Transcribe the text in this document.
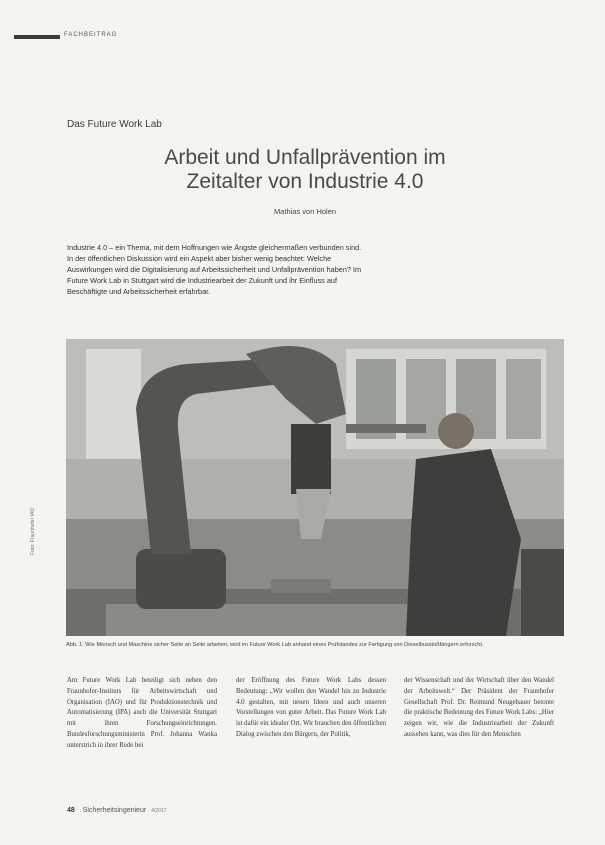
FACHBEITRAG
Das Future Work Lab
Arbeit und Unfallprävention im
Zeitalter von Industrie 4.0
Mathias von Holen
Industrie 4.0 – ein Thema, mit dem Hoffnungen wie Ängste gleichermaßen verbunden sind. In der öffentlichen Diskussion wird ein Aspekt aber bisher wenig beachtet: Welche Auswirkungen wird die Digitalisierung auf Arbeitssicherheit und Unfallprävention haben? Im Future Work Lab in Stuttgart wird die Industriearbeit der Zukunft und ihr Einfluss auf Beschäftigte und Arbeitssicherheit erfahrbar.
Foto: Fraunhofer IAO
Abb. 1: Wie Mensch und Maschine sicher Seite an Seite arbeiten, wird im Future Work Lab anhand eines Prüfstandes zur Fertigung von Dieselbusstoßfängern erforscht.
Am Future Work Lab beteiligt sich neben den Fraunhofer-Instituts für Arbeitswirtschaft und Organisation (IAO) und für Produktionstechnik und Automatisierung (IPA) auch die Universität Stuttgart mit ihren Forschungseinrichtungen. Bundesforschungsministerin Prof. Johanna Wanka unterstrich in ihrer Rede bei
der Eröffnung des Future Work Labs dessen Bedeutung: „Wir wollen den Wandel hin zu Industrie 4.0 gestalten, mit neuen Ideen und auch unseren Vorstellungen von guter Arbeit. Das Future Work Lab ist dafür ein idealer Ort. Wir brauchen den öffentlichen Dialog zwischen den Bürgern, der Politik,
der Wissenschaft und der Wirtschaft über den Wandel der Arbeitswelt.“ Der Präsident der Fraunhofer Gesellschaft Prof. Dr. Reimund Neugebauer betonte die praktische Bedeutung des Future Work Labs: „Hier zeigen wir, wie die Industriearbeit der Zukunft aussehen kann, was dies für den Menschen
48 Sicherheitsingenieur 4/2017
